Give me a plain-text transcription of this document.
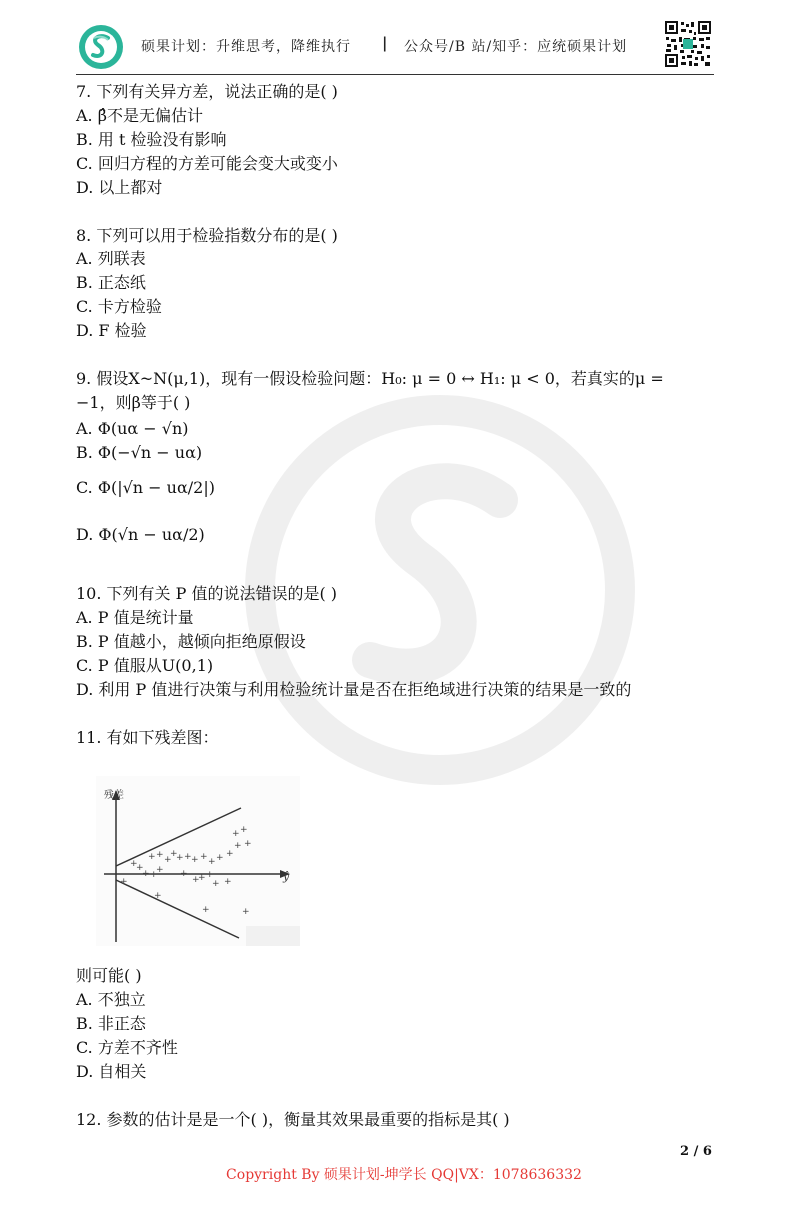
硕果计划：升维思考，降维执行 | 公众号/B 站/知乎：应统硕果计划
7. 下列有关异方差，说法正确的是( )
A. β̂不是无偏估计
B. 用 t 检验没有影响
C. 回归方程的方差可能会变大或变小
D. 以上都对
8. 下列可以用于检验指数分布的是( )
A. 列联表
B. 正态纸
C. 卡方检验
D. F 检验
9. 假设X~N(μ,1)，现有一假设检验问题：H₀: μ = 0 ↔ H₁: μ < 0，若真实的μ =
−1，则β等于( )
A. Φ(uα − √n)
B. Φ(−√n − uα)
C. Φ(|√n − uα/2|)
D. Φ(√n − uα/2)
10. 下列有关 P 值的说法错误的是( )
A. P 值是统计量
B. P 值越小，越倾向拒绝原假设
C. P 值服从U(0,1)
D. 利用 P 值进行决策与利用检验统计量是否在拒绝域进行决策的结果是一致的
11. 有如下残差图：
残差
ŷ
+ + +
+
+ + + + + + +
+
+ +
+
+
+
+ +
+ +
+
+ +
+ +
+
+	+
+
则可能( )
A. 不独立
B. 非正态
C. 方差不齐性
D. 自相关
12. 参数的估计是是一个( )，衡量其效果最重要的指标是其( )
2 / 6
Copyright By 硕果计划-坤学长 QQ|VX：1078636332
